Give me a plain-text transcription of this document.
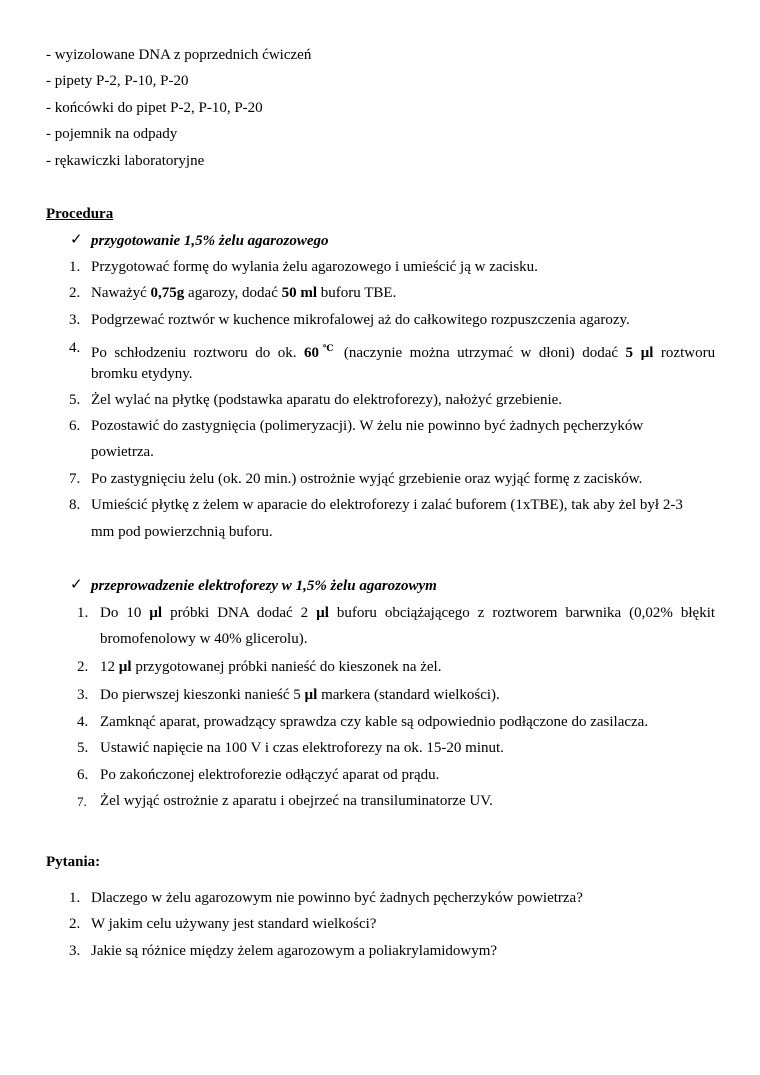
- wyizolowane DNA z poprzednich ćwiczeń
- pipety P-2, P-10, P-20
- końcówki do pipet P-2, P-10, P-20
- pojemnik na odpady
- rękawiczki laboratoryjne
Procedura
✓ przygotowanie 1,5% żelu agarozowego
1. Przygotować formę do wylania żelu agarozowego i umieścić ją w zacisku.
2. Naważyć 0,75g agarozy, dodać 50 ml buforu TBE.
3. Podgrzewać roztwór w kuchence mikrofalowej aż do całkowitego rozpuszczenia agarozy.
4. Po schłodzeniu roztworu do ok. 60℃ (naczynie można utrzymać w dłoni) dodać 5 µl roztworu
bromku etydyny.
5. Żel wylać na płytkę (podstawka aparatu do elektroforezy), nałożyć grzebienie.
6. Pozostawić do zastygnięcia (polimeryzacji). W żelu nie powinno być żadnych pęcherzyków
powietrza.
7. Po zastygnięciu żelu (ok. 20 min.) ostrożnie wyjąć grzebienie oraz wyjąć formę z zacisków.
8. Umieścić płytkę z żelem w aparacie do elektroforezy i zalać buforem (1xTBE), tak aby żel był 2-3
mm pod powierzchnią buforu.
✓ przeprowadzenie elektroforezy w 1,5% żelu agarozowym
1. Do 10 µl próbki DNA dodać 2 µl buforu obciążającego z roztworem barwnika (0,02% błękit
bromofenolowy w 40% glicerolu).
2. 12 µl przygotowanej próbki nanieść do kieszonek na żel.
3. Do pierwszej kieszonki nanieść 5 µl markera (standard wielkości).
4. Zamknąć aparat, prowadzący sprawdza czy kable są odpowiednio podłączone do zasilacza.
5. Ustawić napięcie na 100 V i czas elektroforezy na ok. 15-20 minut.
6. Po zakończonej elektroforezie odłączyć aparat od prądu.
7. Żel wyjąć ostrożnie z aparatu i obejrzeć na transiluminatorze UV.
Pytania:
1. Dlaczego w żelu agarozowym nie powinno być żadnych pęcherzyków powietrza?
2. W jakim celu używany jest standard wielkości?
3. Jakie są różnice między żelem agarozowym a poliakrylamidowym?
